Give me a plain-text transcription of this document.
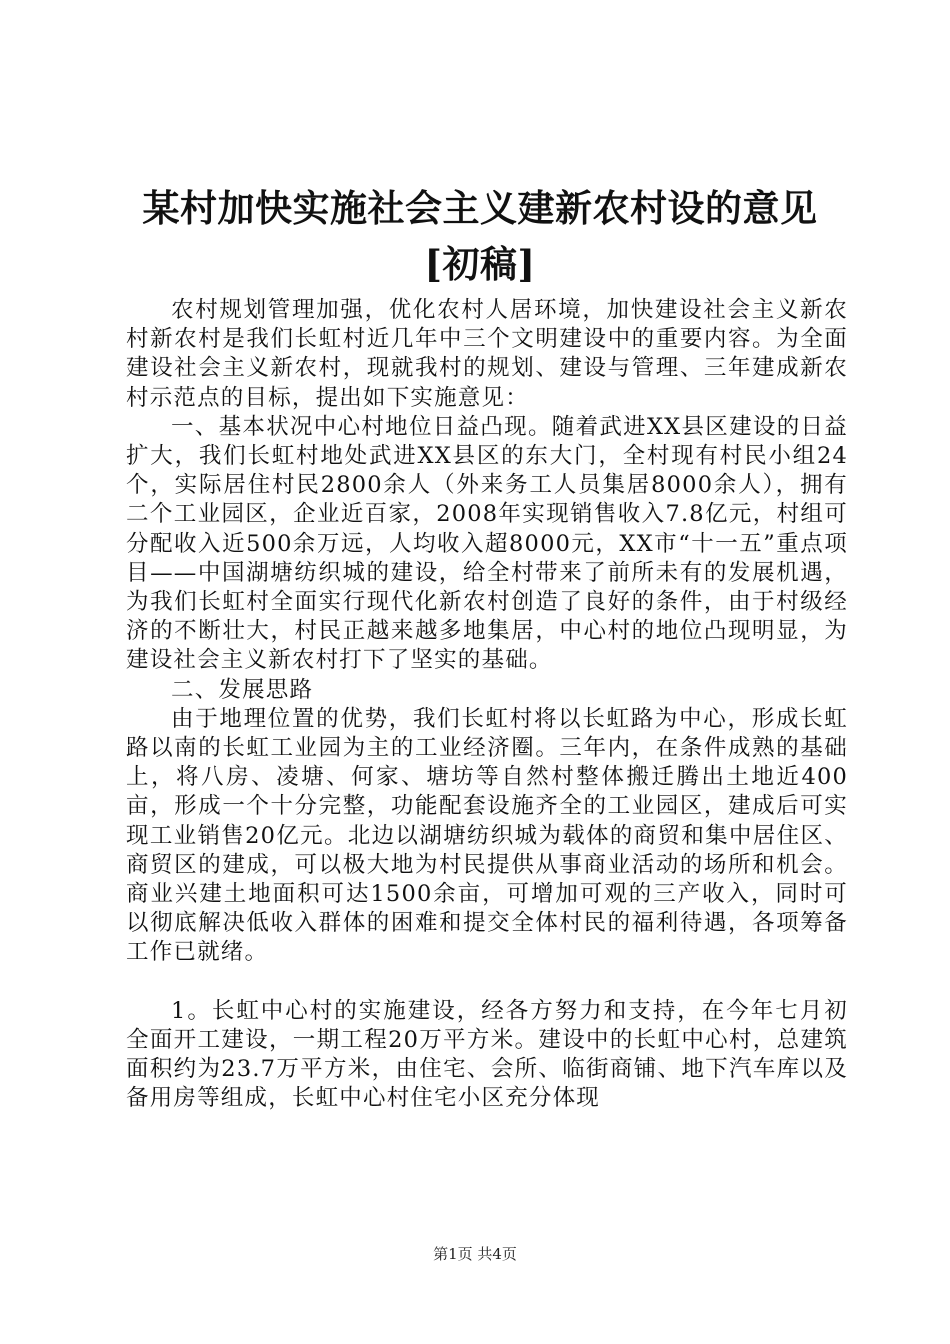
某村加快实施社会主义建新农村设的意见[初稿]

农村规划管理加强，优化农村人居环境，加快建设社会主义新农村新农村是我们长虹村近几年中三个文明建设中的重要内容。为全面建设社会主义新农村，现就我村的规划、建设与管理、三年建成新农村示范点的目标，提出如下实施意见：

一、基本状况中心村地位日益凸现。随着武进XX县区建设的日益扩大，我们长虹村地处武进XX县区的东大门，全村现有村民小组24个，实际居住村民2800余人（外来务工人员集居8000余人），拥有二个工业园区，企业近百家，2008年实现销售收入7.8亿元，村组可分配收入近500余万远，人均收入超8000元，XX市“十一五”重点项目——中国湖塘纺织城的建设，给全村带来了前所未有的发展机遇，为我们长虹村全面实行现代化新农村创造了良好的条件，由于村级经济的不断壮大，村民正越来越多地集居，中心村的地位凸现明显，为建设社会主义新农村打下了坚实的基础。

二、发展思路

由于地理位置的优势，我们长虹村将以长虹路为中心，形成长虹路以南的长虹工业园为主的工业经济圈。三年内，在条件成熟的基础上，将八房、凌塘、何家、塘坊等自然村整体搬迁腾出土地近400亩，形成一个十分完整，功能配套设施齐全的工业园区，建成后可实现工业销售20亿元。北边以湖塘纺织城为载体的商贸和集中居住区、商贸区的建成，可以极大地为村民提供从事商业活动的场所和机会。商业兴建土地面积可达1500余亩，可增加可观的三产收入，同时可以彻底解决低收入群体的困难和提交全体村民的福利待遇，各项筹备工作已就绪。

1。长虹中心村的实施建设，经各方努力和支持，在今年七月初全面开工建设，一期工程20万平方米。建设中的长虹中心村，总建筑面积约为23.7万平方米，由住宅、会所、临街商铺、地下汽车库以及备用房等组成，长虹中心村住宅小区充分体现

第1页 共4页
